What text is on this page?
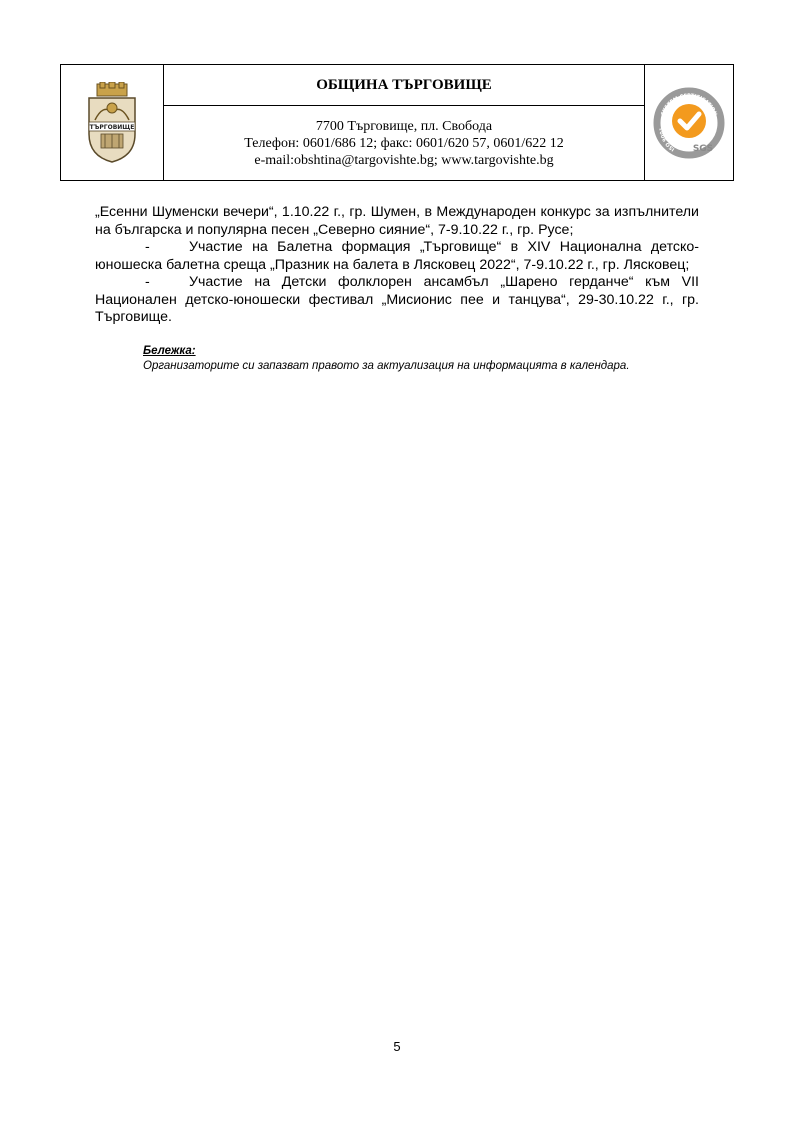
ТЪРГОВИЩЕ
ОБЩИНА ТЪРГОВИЩЕ
7700 Търговище, пл. Свобода
Телефон: 0601/686 12; факс: 0601/620 57, 0601/622 12
e-mail:obshtina@targovishte.bg; www.targovishte.bg
SYSTEM CERTIFICATION
ISO 9001
SGS

„Есенни Шуменски вечери“, 1.10.22 г., гр. Шумен, в Международен конкурс за изпълнители на българска и популярна песен „Северно сияние“, 7-9.10.22 г., гр. Русе;

-	Участие на Балетна формация „Търговище“ в XIV Национална детско-юношеска балетна среща „Празник на балета в Лясковец 2022“, 7-9.10.22 г., гр. Лясковец;

-	Участие на Детски фолклорен ансамбъл „Шарено герданче“ към VII Национален детско-юношески фестивал „Мисионис пее и танцува“, 29-30.10.22 г., гр. Търговище.

Бележка:
Организаторите си запазват правото за актуализация на информацията в календара.
5
